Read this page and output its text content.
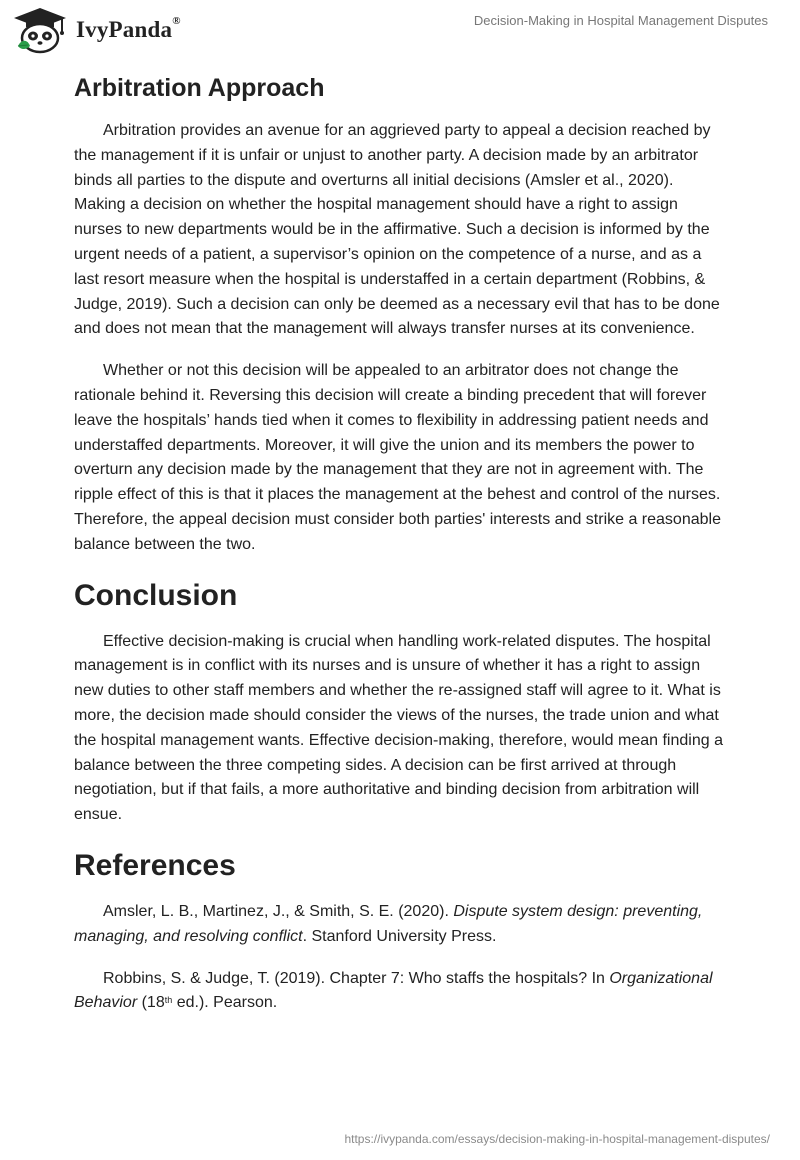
IvyPanda®	Decision-Making in Hospital Management Disputes
Arbitration Approach

Arbitration provides an avenue for an aggrieved party to appeal a decision reached by the management if it is unfair or unjust to another party. A decision made by an arbitrator binds all parties to the dispute and overturns all initial decisions (Amsler et al., 2020). Making a decision on whether the hospital management should have a right to assign nurses to new departments would be in the affirmative. Such a decision is informed by the urgent needs of a patient, a supervisor’s opinion on the competence of a nurse, and as a last resort measure when the hospital is understaffed in a certain department (Robbins, & Judge, 2019). Such a decision can only be deemed as a necessary evil that has to be done and does not mean that the management will always transfer nurses at its convenience.

Whether or not this decision will be appealed to an arbitrator does not change the rationale behind it. Reversing this decision will create a binding precedent that will forever leave the hospitals’ hands tied when it comes to flexibility in addressing patient needs and understaffed departments. Moreover, it will give the union and its members the power to overturn any decision made by the management that they are not in agreement with. The ripple effect of this is that it places the management at the behest and control of the nurses. Therefore, the appeal decision must consider both parties' interests and strike a reasonable balance between the two.

Conclusion

Effective decision-making is crucial when handling work-related disputes. The hospital management is in conflict with its nurses and is unsure of whether it has a right to assign new duties to other staff members and whether the re-assigned staff will agree to it. What is more, the decision made should consider the views of the nurses, the trade union and what the hospital management wants. Effective decision-making, therefore, would mean finding a balance between the three competing sides. A decision can be first arrived at through negotiation, but if that fails, a more authoritative and binding decision from arbitration will ensue.

References

Amsler, L. B., Martinez, J., & Smith, S. E. (2020). Dispute system design: preventing, managing, and resolving conflict. Stanford University Press.

Robbins, S. & Judge, T. (2019). Chapter 7: Who staffs the hospitals? In Organizational Behavior (18th ed.). Pearson.

https://ivypanda.com/essays/decision-making-in-hospital-management-disputes/
